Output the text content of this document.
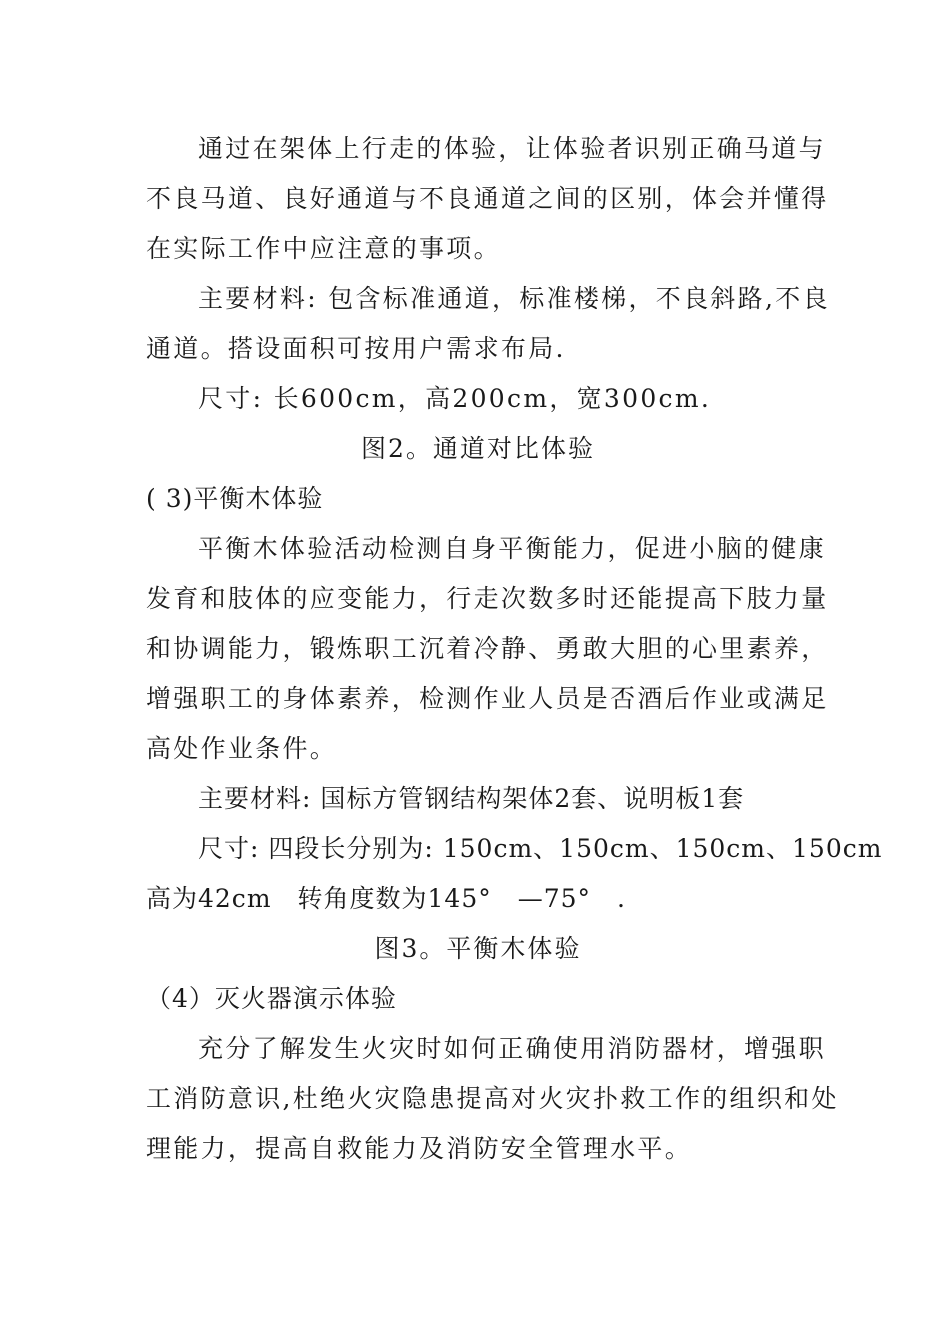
通过在架体上行走的体验，让体验者识别正确马道与
不良马道、良好通道与不良通道之间的区别，体会并懂得
在实际工作中应注意的事项。
主要材料: 包含标准通道，标准楼梯，不良斜路,不良
通道。搭设面积可按用户需求布局.
尺寸: 长600cm，高200cm，宽300cm.
图2。通道对比体验
( 3)平衡木体验
平衡木体验活动检测自身平衡能力，促进小脑的健康
发育和肢体的应变能力，行走次数多时还能提高下肢力量
和协调能力，锻炼职工沉着冷静、勇敢大胆的心里素养，
增强职工的身体素养，检测作业人员是否酒后作业或满足
高处作业条件。
主要材料: 国标方管钢结构架体2套、说明板1套
尺寸: 四段长分别为: 150cm、150cm、150cm、150cm
高为42cm　转角度数为145°　—75°　.
图3。平衡木体验
（4）灭火器演示体验
充分了解发生火灾时如何正确使用消防器材，增强职
工消防意识,杜绝火灾隐患提高对火灾扑救工作的组织和处
理能力，提高自救能力及消防安全管理水平。
